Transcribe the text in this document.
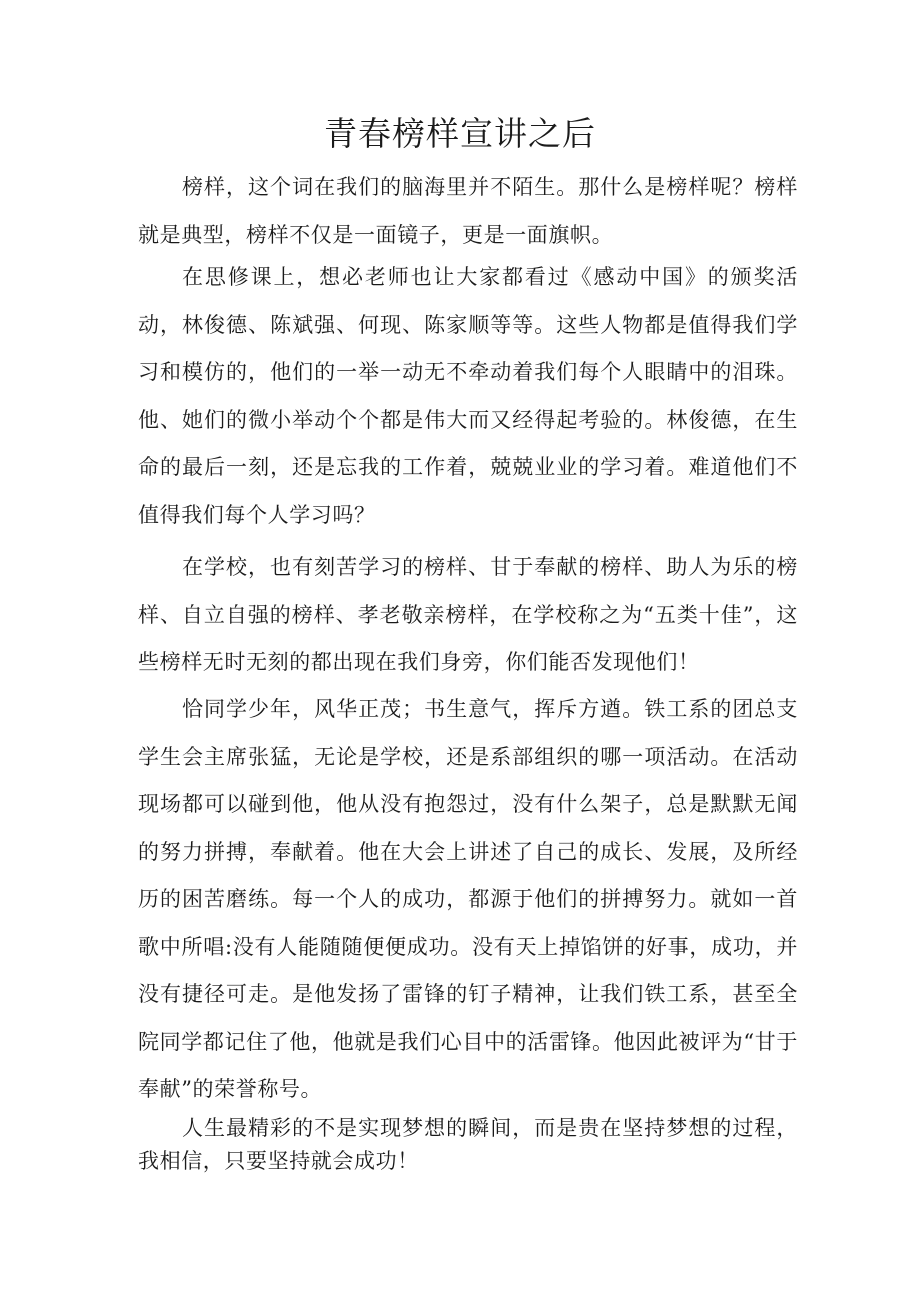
青春榜样宣讲之后

榜样，这个词在我们的脑海里并不陌生。那什么是榜样呢？榜样就是典型，榜样不仅是一面镜子，更是一面旗帜。

在思修课上，想必老师也让大家都看过《感动中国》的颁奖活动，林俊德、陈斌强、何现、陈家顺等等。这些人物都是值得我们学习和模仿的，他们的一举一动无不牵动着我们每个人眼睛中的泪珠。他、她们的微小举动个个都是伟大而又经得起考验的。林俊德，在生命的最后一刻，还是忘我的工作着，兢兢业业的学习着。难道他们不值得我们每个人学习吗？

在学校，也有刻苦学习的榜样、甘于奉献的榜样、助人为乐的榜样、自立自强的榜样、孝老敬亲榜样，在学校称之为“五类十佳”，这些榜样无时无刻的都出现在我们身旁，你们能否发现他们！

恰同学少年，风华正茂；书生意气，挥斥方遒。铁工系的团总支学生会主席张猛，无论是学校，还是系部组织的哪一项活动。在活动现场都可以碰到他，他从没有抱怨过，没有什么架子，总是默默无闻的努力拼搏，奉献着。他在大会上讲述了自己的成长、发展，及所经历的困苦磨练。每一个人的成功，都源于他们的拼搏努力。就如一首歌中所唱:没有人能随随便便成功。没有天上掉馅饼的好事，成功，并没有捷径可走。是他发扬了雷锋的钉子精神，让我们铁工系，甚至全院同学都记住了他，他就是我们心目中的活雷锋。他因此被评为“甘于奉献”的荣誉称号。

人生最精彩的不是实现梦想的瞬间，而是贵在坚持梦想的过程，我相信，只要坚持就会成功！
